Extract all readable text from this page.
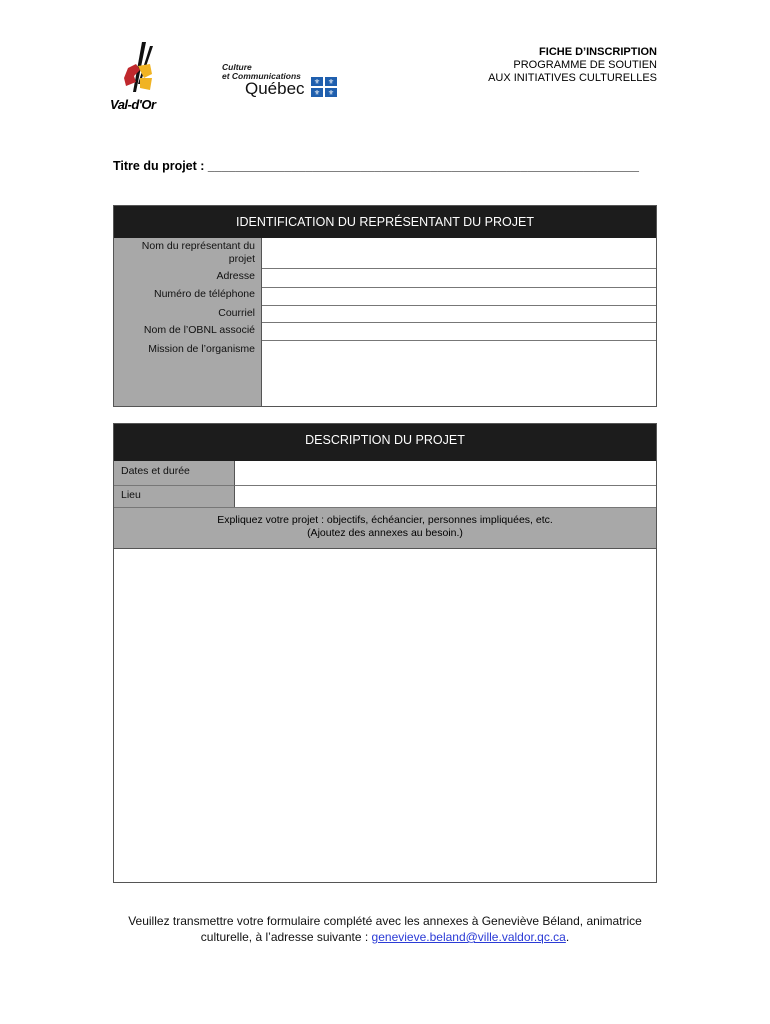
Val-d'Or
Culture
et Communications
Québec ⚜ ⚜
⚜ ⚜
FICHE D’INSCRIPTION
PROGRAMME DE SOUTIEN
AUX INITIATIVES CULTURELLES
Titre du projet : ______________________________________________________________
IDENTIFICATION DU REPRÉSENTANT DU PROJET
Nom du représentant du
projet
Adresse
Numéro de téléphone
Courriel
Nom de l’OBNL associé
Mission de l’organisme
DESCRIPTION DU PROJET
Dates et durée
Lieu
Expliquez votre projet : objectifs, échéancier, personnes impliquées, etc.
(Ajoutez des annexes au besoin.)
Veuillez transmettre votre formulaire complété avec les annexes à Geneviève Béland, animatrice
culturelle, à l’adresse suivante : genevieve.beland@ville.valdor.qc.ca.
